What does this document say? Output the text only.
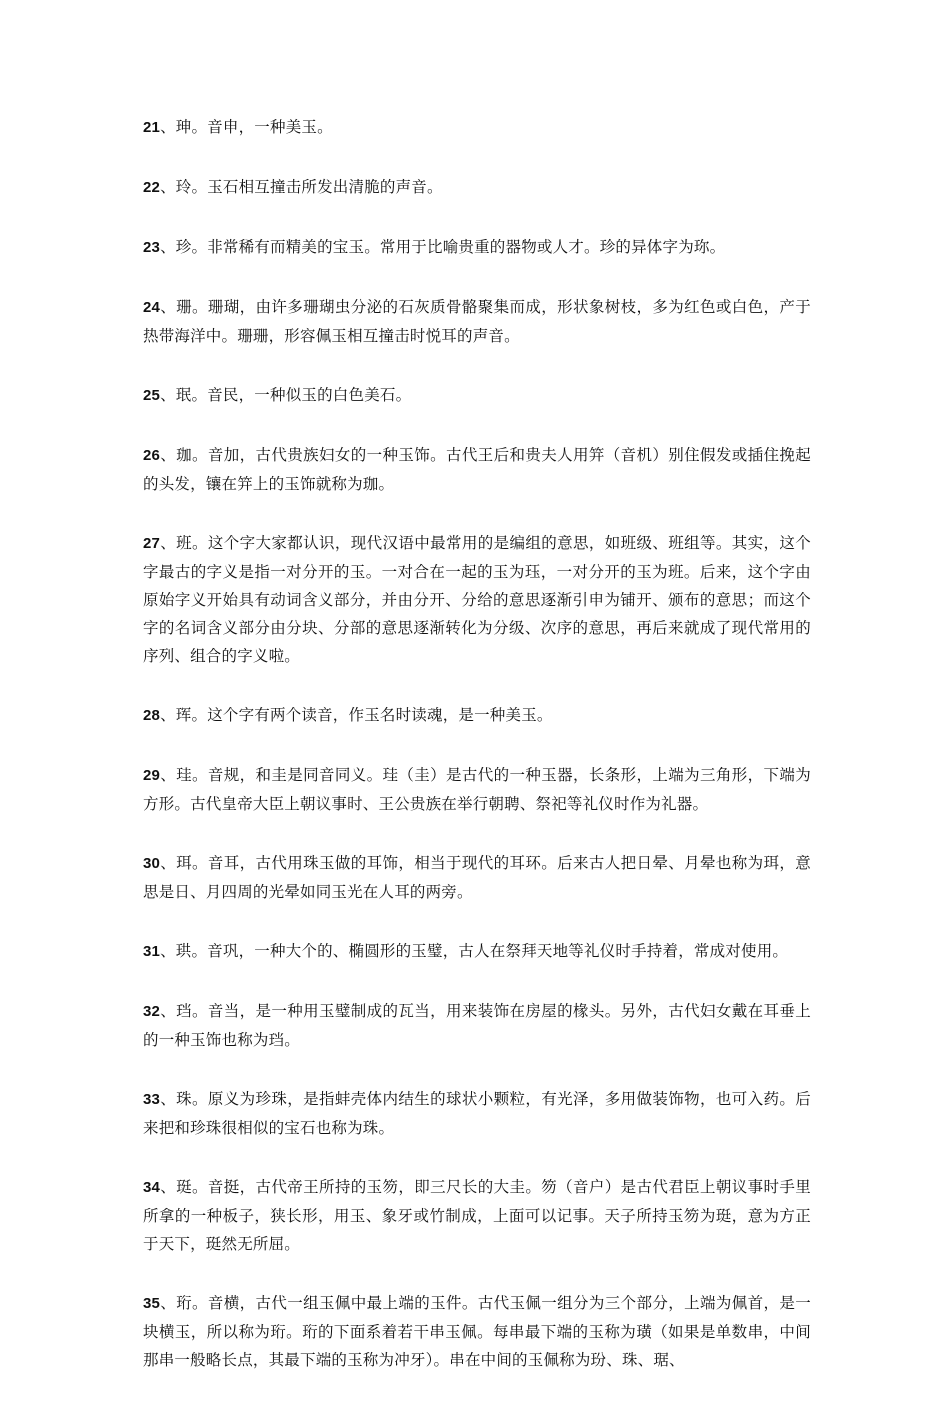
21、珅。音申，一种美玉。

22、玲。玉石相互撞击所发出清脆的声音。

23、珍。非常稀有而精美的宝玉。常用于比喻贵重的器物或人才。珍的异体字为珎。

24、珊。珊瑚，由许多珊瑚虫分泌的石灰质骨骼聚集而成，形状象树枝，多为红色或白色，产于热带海洋中。珊珊，形容佩玉相互撞击时悦耳的声音。

25、珉。音民，一种似玉的白色美石。

26、珈。音加，古代贵族妇女的一种玉饰。古代王后和贵夫人用笄（音机）别住假发或插住挽起的头发，镶在笄上的玉饰就称为珈。

27、班。这个字大家都认识，现代汉语中最常用的是编组的意思，如班级、班组等。其实，这个字最古的字义是指一对分开的玉。一对合在一起的玉为珏，一对分开的玉为班。后来，这个字由原始字义开始具有动词含义部分，并由分开、分给的意思逐渐引申为铺开、颁布的意思；而这个字的名词含义部分由分块、分部的意思逐渐转化为分级、次序的意思，再后来就成了现代常用的序列、组合的字义啦。

28、珲。这个字有两个读音，作玉名时读魂，是一种美玉。

29、珪。音规，和圭是同音同义。珪（圭）是古代的一种玉器，长条形，上端为三角形，下端为方形。古代皇帝大臣上朝议事时、王公贵族在举行朝聘、祭祀等礼仪时作为礼器。

30、珥。音耳，古代用珠玉做的耳饰，相当于现代的耳环。后来古人把日晕、月晕也称为珥，意思是日、月四周的光晕如同玉光在人耳的两旁。

31、珙。音巩，一种大个的、椭圆形的玉璧，古人在祭拜天地等礼仪时手持着，常成对使用。

32、珰。音当，是一种用玉璧制成的瓦当，用来装饰在房屋的椽头。另外，古代妇女戴在耳垂上的一种玉饰也称为珰。

33、珠。原义为珍珠，是指蚌壳体内结生的球状小颗粒，有光泽，多用做装饰物，也可入药。后来把和珍珠很相似的宝石也称为珠。

34、珽。音挺，古代帝王所持的玉笏，即三尺长的大圭。笏（音户）是古代君臣上朝议事时手里所拿的一种板子，狭长形，用玉、象牙或竹制成，上面可以记事。天子所持玉笏为珽，意为方正于天下，珽然无所屈。

35、珩。音横，古代一组玉佩中最上端的玉件。古代玉佩一组分为三个部分，上端为佩首，是一块横玉，所以称为珩。珩的下面系着若干串玉佩。每串最下端的玉称为璜（如果是单数串，中间那串一般略长点，其最下端的玉称为冲牙）。串在中间的玉佩称为玢、珠、琚、
